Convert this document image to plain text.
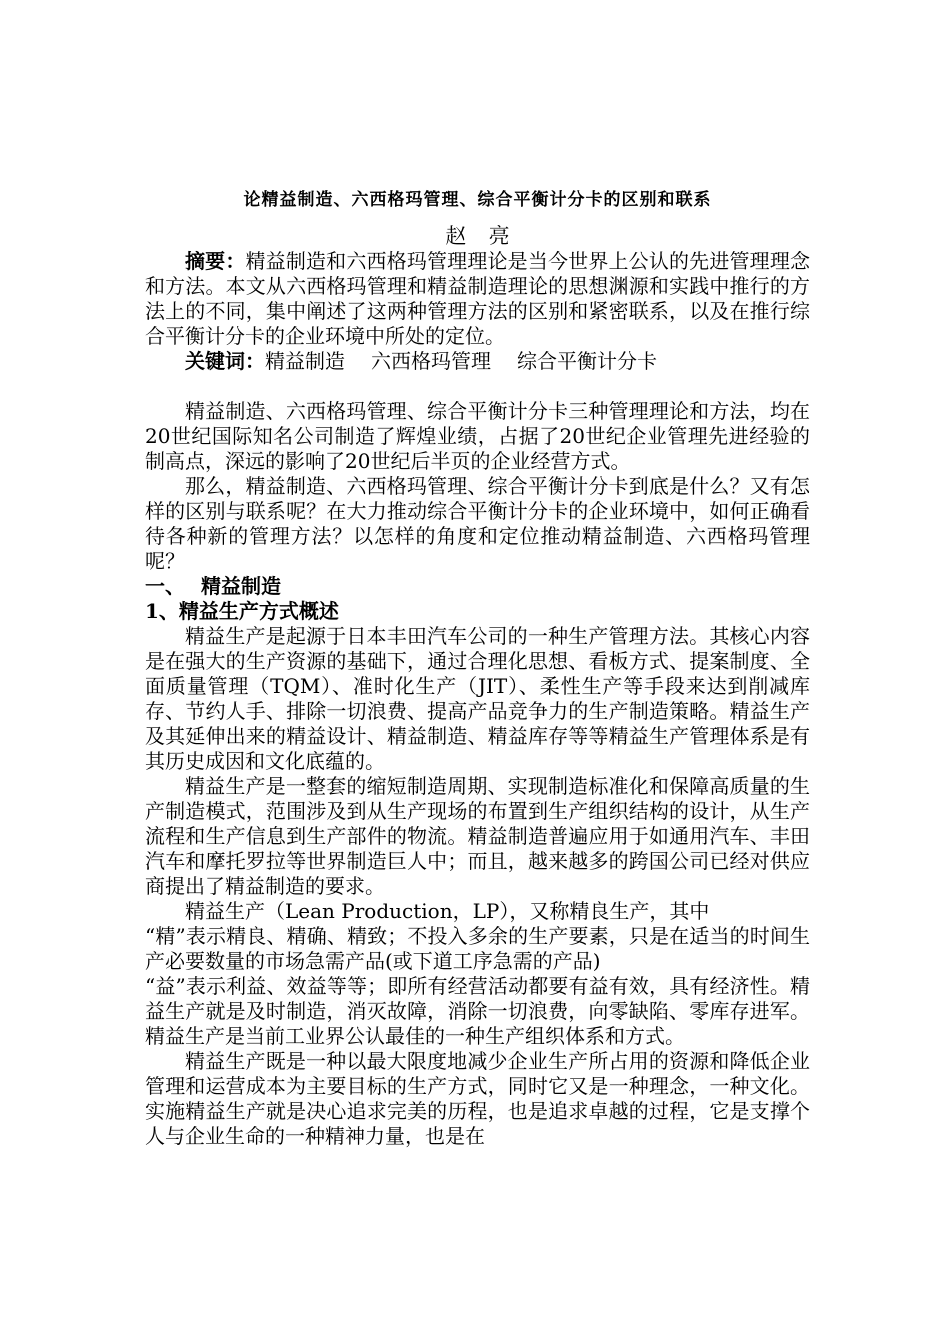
论精益制造、六西格玛管理、综合平衡计分卡的区别和联系
赵 亮

摘要：精益制造和六西格玛管理理论是当今世界上公认的先进管理理念和方法。本文从六西格玛管理和精益制造理论的思想渊源和实践中推行的方法上的不同，集中阐述了这两种管理方法的区别和紧密联系，以及在推行综合平衡计分卡的企业环境中所处的定位。

关键词：精益制造 六西格玛管理 综合平衡计分卡

精益制造、六西格玛管理、综合平衡计分卡三种管理理论和方法，均在20世纪国际知名公司制造了辉煌业绩，占据了20世纪企业管理先进经验的制高点，深远的影响了20世纪后半页的企业经营方式。

那么，精益制造、六西格玛管理、综合平衡计分卡到底是什么？又有怎样的区别与联系呢？在大力推动综合平衡计分卡的企业环境中，如何正确看待各种新的管理方法？以怎样的角度和定位推动精益制造、六西格玛管理呢？

一、 精益制造
1、精益生产方式概述

精益生产是起源于日本丰田汽车公司的一种生产管理方法。其核心内容是在强大的生产资源的基础下，通过合理化思想、看板方式、提案制度、全面质量管理（TQM）、准时化生产（JIT）、柔性生产等手段来达到削减库存、节约人手、排除一切浪费、提高产品竞争力的生产制造策略。精益生产及其延伸出来的精益设计、精益制造、精益库存等等精益生产管理体系是有其历史成因和文化底蕴的。

精益生产是一整套的缩短制造周期、实现制造标准化和保障高质量的生产制造模式，范围涉及到从生产现场的布置到生产组织结构的设计，从生产流程和生产信息到生产部件的物流。精益制造普遍应用于如通用汽车、丰田汽车和摩托罗拉等世界制造巨人中；而且，越来越多的跨国公司已经对供应商提出了精益制造的要求。

精益生产（Lean Production，LP），又称精良生产，其中

“精”表示精良、精确、精致；不投入多余的生产要素，只是在适当的时间生产必要数量的市场急需产品(或下道工序急需的产品)

“益”表示利益、效益等等；即所有经营活动都要有益有效，具有经济性。精益生产就是及时制造，消灭故障，消除一切浪费，向零缺陷、零库存进军。精益生产是当前工业界公认最佳的一种生产组织体系和方式。

精益生产既是一种以最大限度地减少企业生产所占用的资源和降低企业管理和运营成本为主要目标的生产方式，同时它又是一种理念，一种文化。实施精益生产就是决心追求完美的历程，也是追求卓越的过程，它是支撑个人与企业生命的一种精神力量，也是在
